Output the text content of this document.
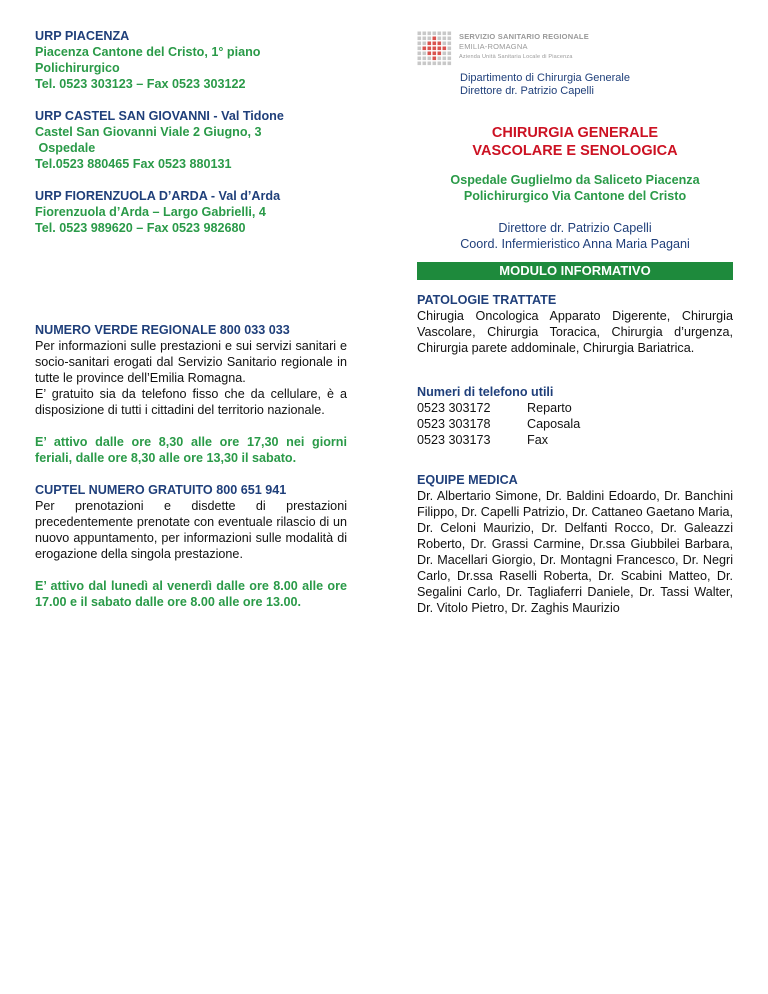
URP PIACENZA
Piacenza Cantone del Cristo, 1° piano
Polichirurgico
Tel. 0523 303123 – Fax 0523 303122
URP CASTEL SAN GIOVANNI - Val Tidone
Castel San Giovanni Viale 2 Giugno, 3
Ospedale
Tel.0523 880465 Fax 0523 880131
URP FIORENZUOLA D’ARDA - Val d’Arda
Fiorenzuola d’Arda – Largo Gabrielli, 4
Tel. 0523 989620 – Fax 0523 982680
NUMERO VERDE REGIONALE 800 033 033
Per informazioni sulle prestazioni e sui servizi sanitari e socio-sanitari erogati dal Servizio Sanitario regionale in tutte le province dell’Emilia Romagna.
E’ gratuito sia da telefono fisso che da cellulare, è a disposizione di tutti i cittadini del territorio nazionale.
E’ attivo dalle ore 8,30 alle ore 17,30 nei giorni feriali, dalle ore 8,30 alle ore 13,30 il sabato.
CUPTEL NUMERO GRATUITO 800 651 941
Per prenotazioni e disdette di prestazioni precedentemente prenotate con eventuale rilascio di un nuovo appuntamento, per informazioni sulle modalità di erogazione della singola prestazione.
E’ attivo dal lunedì al venerdì dalle ore 8.00 alle ore 17.00 e il sabato dalle ore 8.00 alle ore 13.00.
SERVIZIO SANITARIO REGIONALE
EMILIA-ROMAGNA
Azienda Unità Sanitaria Locale di Piacenza
Dipartimento di Chirurgia Generale
Direttore dr. Patrizio Capelli
CHIRURGIA GENERALE
VASCOLARE E SENOLOGICA
Ospedale Guglielmo da Saliceto Piacenza
Polichirurgico Via Cantone del Cristo
Direttore dr. Patrizio Capelli
Coord. Infermieristico Anna Maria Pagani
MODULO INFORMATIVO
PATOLOGIE TRATTATE
Chirugia Oncologica Apparato Digerente, Chirurgia Vascolare, Chirurgia Toracica, Chirurgia d’urgenza, Chirurgia parete addominale, Chirurgia Bariatrica.
Numeri di telefono utili
0523 303172	Reparto
0523 303178	Caposala
0523 303173	Fax
EQUIPE MEDICA
Dr. Albertario Simone, Dr. Baldini Edoardo, Dr. Banchini Filippo, Dr. Capelli Patrizio, Dr. Cattaneo Gaetano Maria, Dr. Celoni Maurizio, Dr. Delfanti Rocco, Dr. Galeazzi Roberto, Dr. Grassi Carmine, Dr.ssa Giubbilei Barbara, Dr. Macellari Giorgio, Dr. Montagni Francesco, Dr. Negri Carlo, Dr.ssa Raselli Roberta, Dr. Scabini Matteo, Dr. Segalini Carlo, Dr. Tagliaferri Daniele, Dr. Tassi Walter, Dr. Vitolo Pietro, Dr. Zaghis Maurizio
